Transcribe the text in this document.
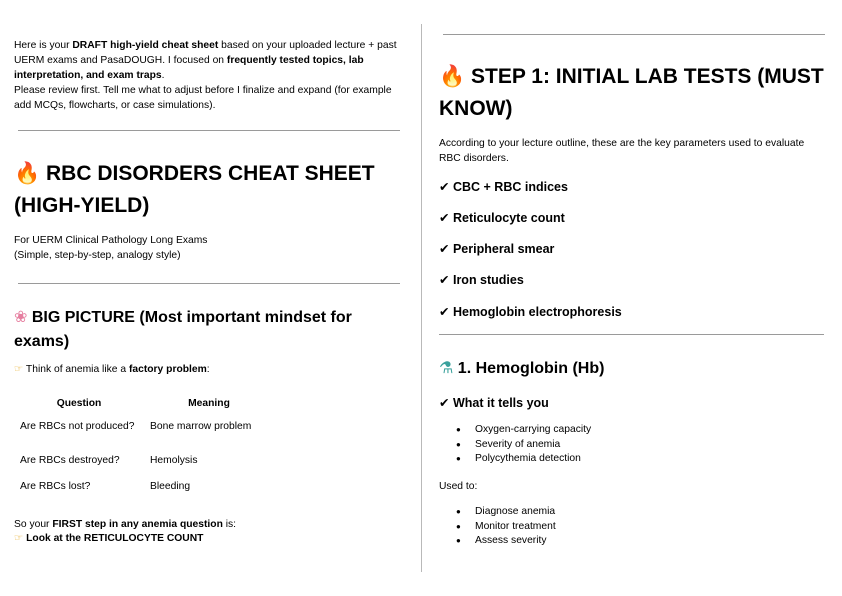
Here is your DRAFT high-yield cheat sheet based on your uploaded lecture + past UERM exams and PasaDOUGH. I focused on frequently tested topics, lab interpretation, and exam traps.
Please review first. Tell me what to adjust before I finalize and expand (for example add MCQs, flowcharts, or case simulations).
🔥 RBC DISORDERS CHEAT SHEET (HIGH-YIELD)
For UERM Clinical Pathology Long Exams
(Simple, step-by-step, analogy style)
❀ BIG PICTURE (Most important mindset for exams)
☞ Think of anemia like a factory problem:
Question	Meaning
Are RBCs not produced?	Bone marrow problem
Are RBCs destroyed?	Hemolysis
Are RBCs lost?	Bleeding
So your FIRST step in any anemia question is:
☞ Look at the RETICULOCYTE COUNT
🔥 STEP 1: INITIAL LAB TESTS (MUST KNOW)
According to your lecture outline, these are the key parameters used to evaluate RBC disorders.
✔ CBC + RBC indices
✔ Reticulocyte count
✔ Peripheral smear
✔ Iron studies
✔ Hemoglobin electrophoresis
⚗ 1. Hemoglobin (Hb)
✔ What it tells you
● Oxygen-carrying capacity
● Severity of anemia
● Polycythemia detection
Used to:
● Diagnose anemia
● Monitor treatment
● Assess severity
